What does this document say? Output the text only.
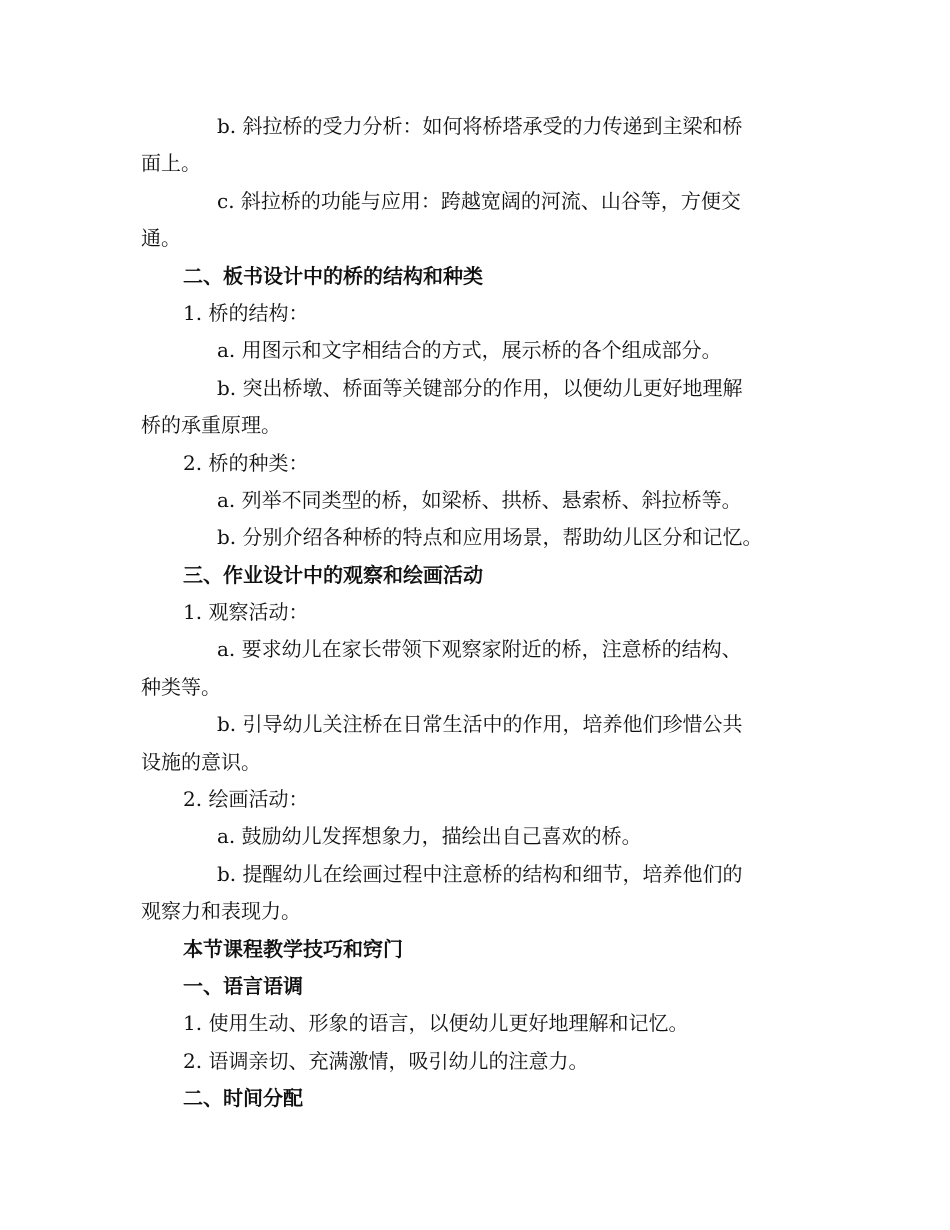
b. 斜拉桥的受力分析：如何将桥塔承受的力传递到主梁和桥
面上。
c. 斜拉桥的功能与应用：跨越宽阔的河流、山谷等，方便交
通。
二、板书设计中的桥的结构和种类
1. 桥的结构：
a. 用图示和文字相结合的方式，展示桥的各个组成部分。
b. 突出桥墩、桥面等关键部分的作用，以便幼儿更好地理解
桥的承重原理。
2. 桥的种类：
a. 列举不同类型的桥，如梁桥、拱桥、悬索桥、斜拉桥等。
b. 分别介绍各种桥的特点和应用场景，帮助幼儿区分和记忆。
三、作业设计中的观察和绘画活动
1. 观察活动：
a. 要求幼儿在家长带领下观察家附近的桥，注意桥的结构、
种类等。
b. 引导幼儿关注桥在日常生活中的作用，培养他们珍惜公共
设施的意识。
2. 绘画活动：
a. 鼓励幼儿发挥想象力，描绘出自己喜欢的桥。
b. 提醒幼儿在绘画过程中注意桥的结构和细节，培养他们的
观察力和表现力。
本节课程教学技巧和窍门
一、语言语调
1. 使用生动、形象的语言，以便幼儿更好地理解和记忆。
2. 语调亲切、充满激情，吸引幼儿的注意力。
二、时间分配
